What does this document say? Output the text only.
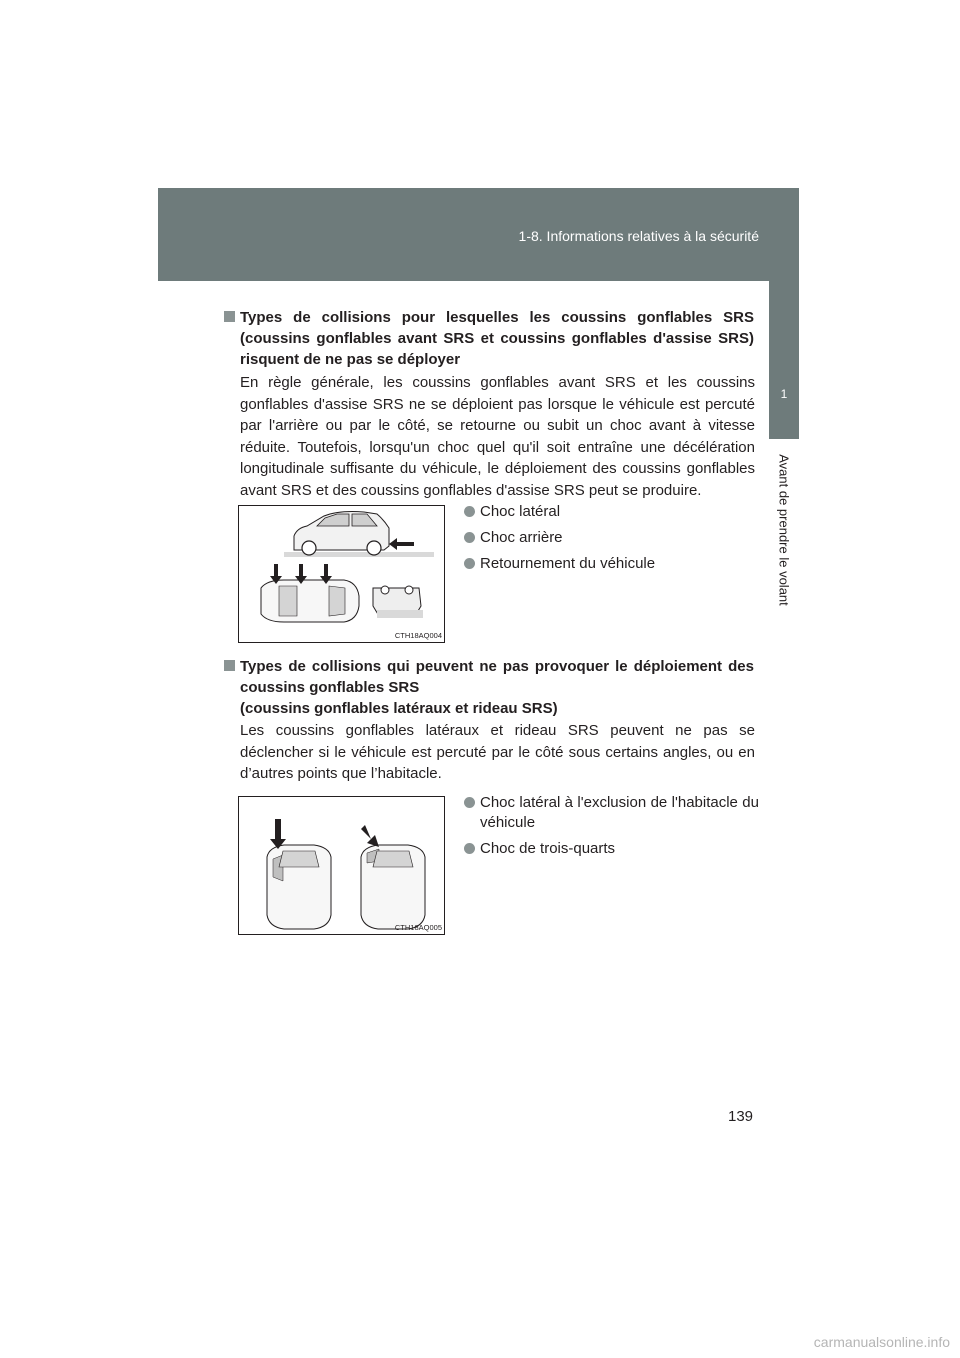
1-8. Informations relatives à la sécurité
1
Avant de prendre le volant
Types de collisions pour lesquelles les coussins gonflables SRS
(coussins gonflables avant SRS et coussins gonflables d'assise SRS)
risquent de ne pas se déployer
En règle générale, les coussins gonflables avant SRS et les coussins gonflables d'assise SRS ne se déploient pas lorsque le véhicule est percuté par l'arrière ou par le côté, se retourne ou subit un choc avant à vitesse réduite. Toutefois, lorsqu'un choc quel qu'il soit entraîne une décélération longitudinale suffisante du véhicule, le déploiement des coussins gonflables avant SRS et des coussins gonflables d'assise SRS peut se produire.
CTH18AQ004
Choc latéral
Choc arrière
Retournement du véhicule
Types de collisions qui peuvent ne pas provoquer le déploiement des
coussins gonflables SRS
(coussins gonflables latéraux et rideau SRS)
Les coussins gonflables latéraux et rideau SRS peuvent ne pas se déclencher si le véhicule est percuté par le côté sous certains angles, ou en d’autres points que l’habitacle.
CTH18AQ005
Choc latéral à l'exclusion de l'habitacle du véhicule
Choc de trois-quarts
139
carmanualsonline.info
